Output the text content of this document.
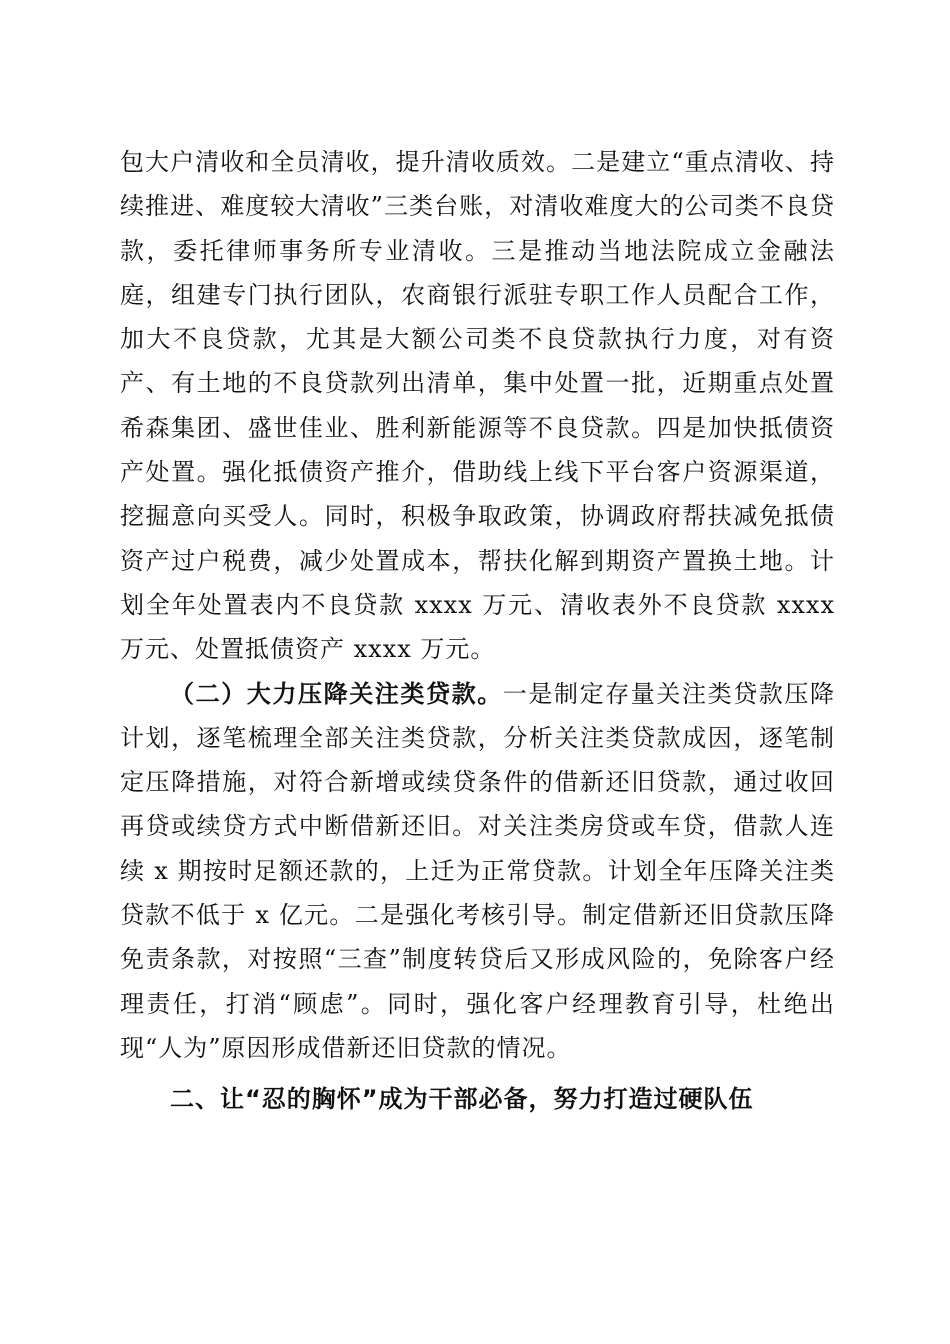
包大户清收和全员清收，提升清收质效。二是建立“重点清收、持续推进、难度较大清收”三类台账，对清收难度大的公司类不良贷款，委托律师事务所专业清收。三是推动当地法院成立金融法庭，组建专门执行团队，农商银行派驻专职工作人员配合工作，加大不良贷款，尤其是大额公司类不良贷款执行力度，对有资产、有土地的不良贷款列出清单，集中处置一批，近期重点处置希森集团、盛世佳业、胜利新能源等不良贷款。四是加快抵债资产处置。强化抵债资产推介，借助线上线下平台客户资源渠道，挖掘意向买受人。同时，积极争取政策，协调政府帮扶减免抵债资产过户税费，减少处置成本，帮扶化解到期资产置换土地。计划全年处置表内不良贷款 xxxx 万元、清收表外不良贷款 xxxx 万元、处置抵债资产 xxxx 万元。

（二）大力压降关注类贷款。一是制定存量关注类贷款压降计划，逐笔梳理全部关注类贷款，分析关注类贷款成因，逐笔制定压降措施，对符合新增或续贷条件的借新还旧贷款，通过收回再贷或续贷方式中断借新还旧。对关注类房贷或车贷，借款人连续 x 期按时足额还款的，上迁为正常贷款。计划全年压降关注类贷款不低于 x 亿元。二是强化考核引导。制定借新还旧贷款压降免责条款，对按照“三查”制度转贷后又形成风险的，免除客户经理责任，打消“顾虑”。同时，强化客户经理教育引导，杜绝出现“人为”原因形成借新还旧贷款的情况。

二、让“忍的胸怀”成为干部必备，努力打造过硬队伍
